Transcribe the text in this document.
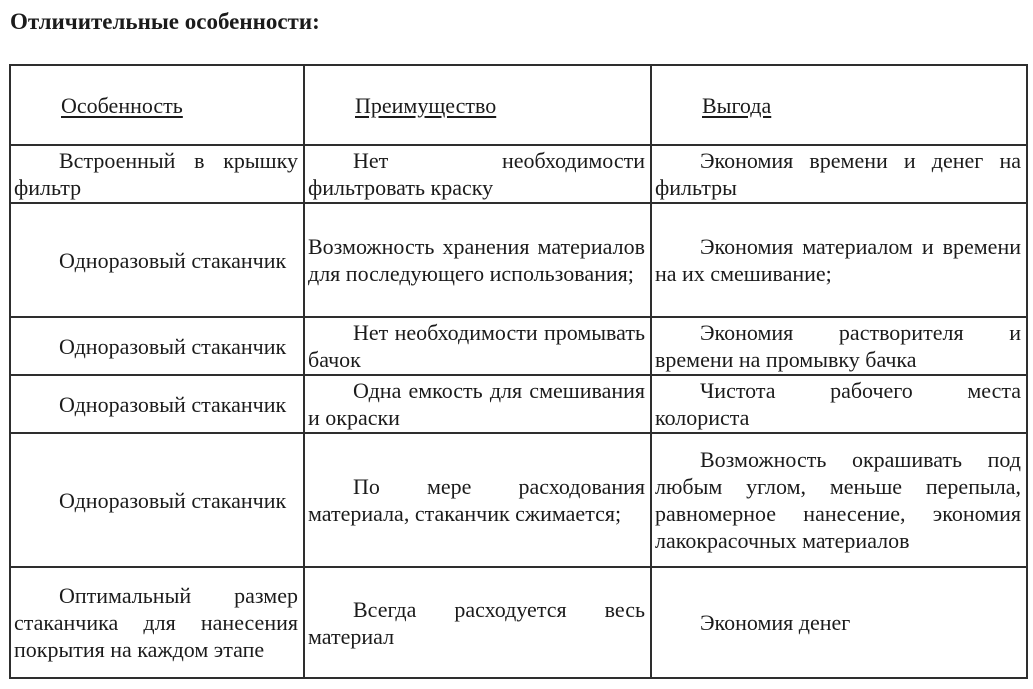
Отличительные особенности:

Особенность	Преимущество	Выгода

Встроенный в крышку фильтр	Нет необходимости фильтровать краску	Экономия времени и денег на фильтры

Одноразовый стаканчик	Возможность хранения материалов для последующего использования;	Экономия материалом и времени на их смешивание;

Одноразовый стаканчик	Нет необходимости промывать бачок	Экономия растворителя и времени на промывку бачка

Одноразовый стаканчик	Одна емкость для смешивания и окраски	Чистота рабочего места колориста

Одноразовый стаканчик	По мере расходования материала, стаканчик сжимается;	Возможность окрашивать под любым углом, меньше перепыла, равномерное нанесение, экономия лакокрасочных материалов

Оптимальный размер стаканчика для нанесения покрытия на каждом этапе	Всегда расходуется весь материал	Экономия денег
